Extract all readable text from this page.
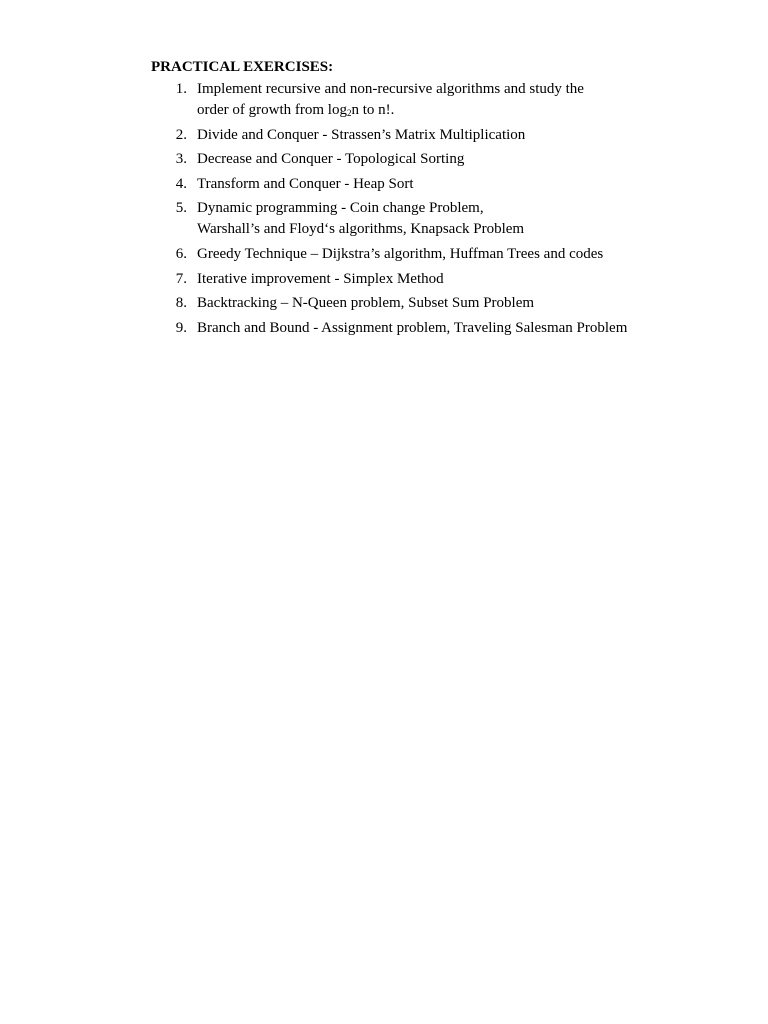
PRACTICAL EXERCISES:
1. Implement recursive and non-recursive algorithms and study the
order of growth from $\log_2n$ to n!.
2. Divide and Conquer - Strassen’s Matrix Multiplication
3. Decrease and Conquer - Topological Sorting
4. Transform and Conquer - Heap Sort
5. Dynamic programming - Coin change Problem,
Warshall’s and Floyd‘s algorithms, Knapsack Problem
6. Greedy Technique – Dijkstra’s algorithm, Huffman Trees and codes
7. Iterative improvement - Simplex Method
8. Backtracking – N-Queen problem, Subset Sum Problem
9. Branch and Bound - Assignment problem, Traveling Salesman Problem
